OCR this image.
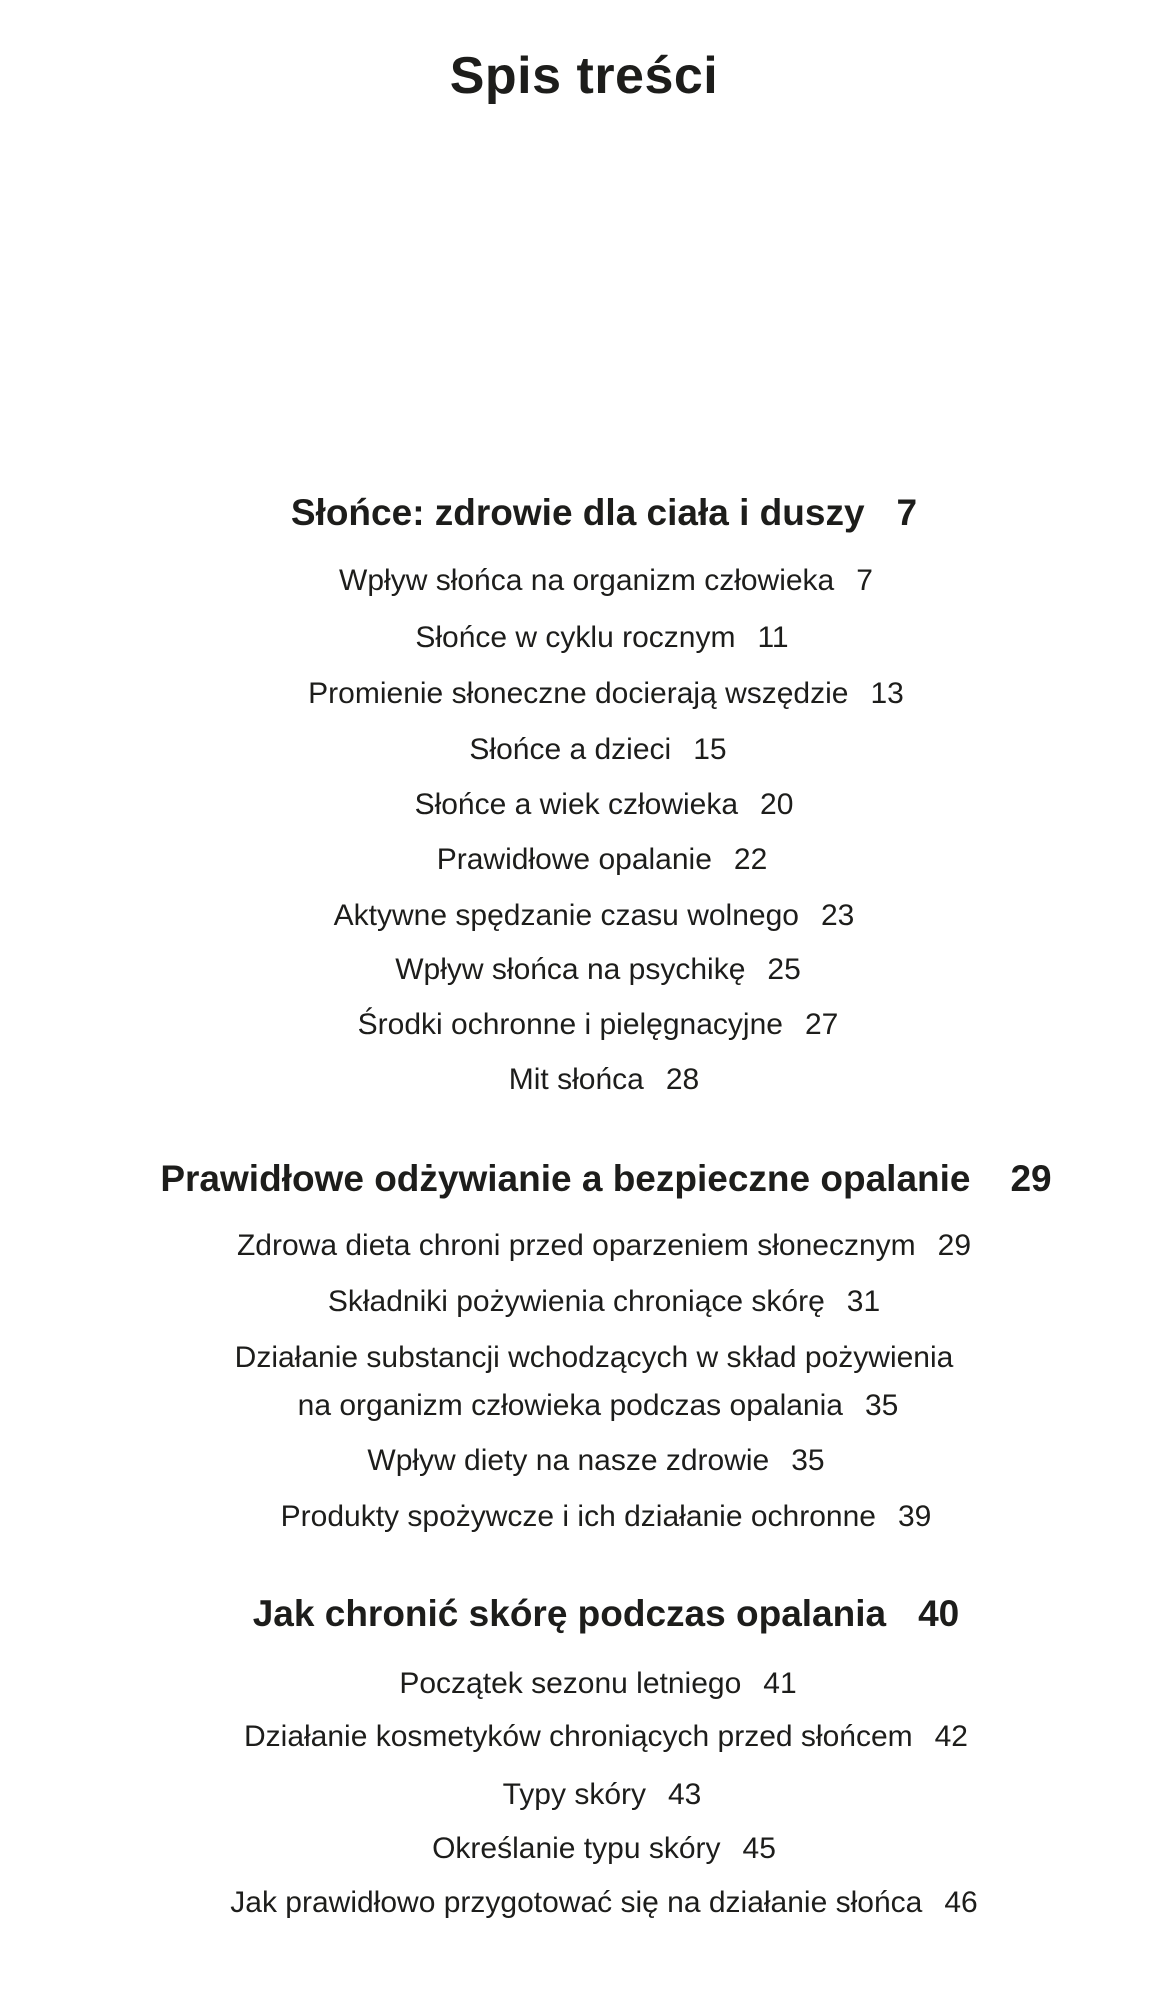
Spis treści
Słońce: zdrowie dla ciała i duszy 7
Wpływ słońca na organizm człowieka 7
Słońce w cyklu rocznym 11
Promienie słoneczne docierają wszędzie 13
Słońce a dzieci 15
Słońce a wiek człowieka 20
Prawidłowe opalanie 22
Aktywne spędzanie czasu wolnego 23
Wpływ słońca na psychikę 25
Środki ochronne i pielęgnacyjne 27
Mit słońca 28
Prawidłowe odżywianie a bezpieczne opalanie 29
Zdrowa dieta chroni przed oparzeniem słonecznym 29
Składniki pożywienia chroniące skórę 31
Działanie substancji wchodzących w skład pożywienia
na organizm człowieka podczas opalania 35
Wpływ diety na nasze zdrowie 35
Produkty spożywcze i ich działanie ochronne 39
Jak chronić skórę podczas opalania 40
Początek sezonu letniego 41
Działanie kosmetyków chroniących przed słońcem 42
Typy skóry 43
Określanie typu skóry 45
Jak prawidłowo przygotować się na działanie słońca 46
